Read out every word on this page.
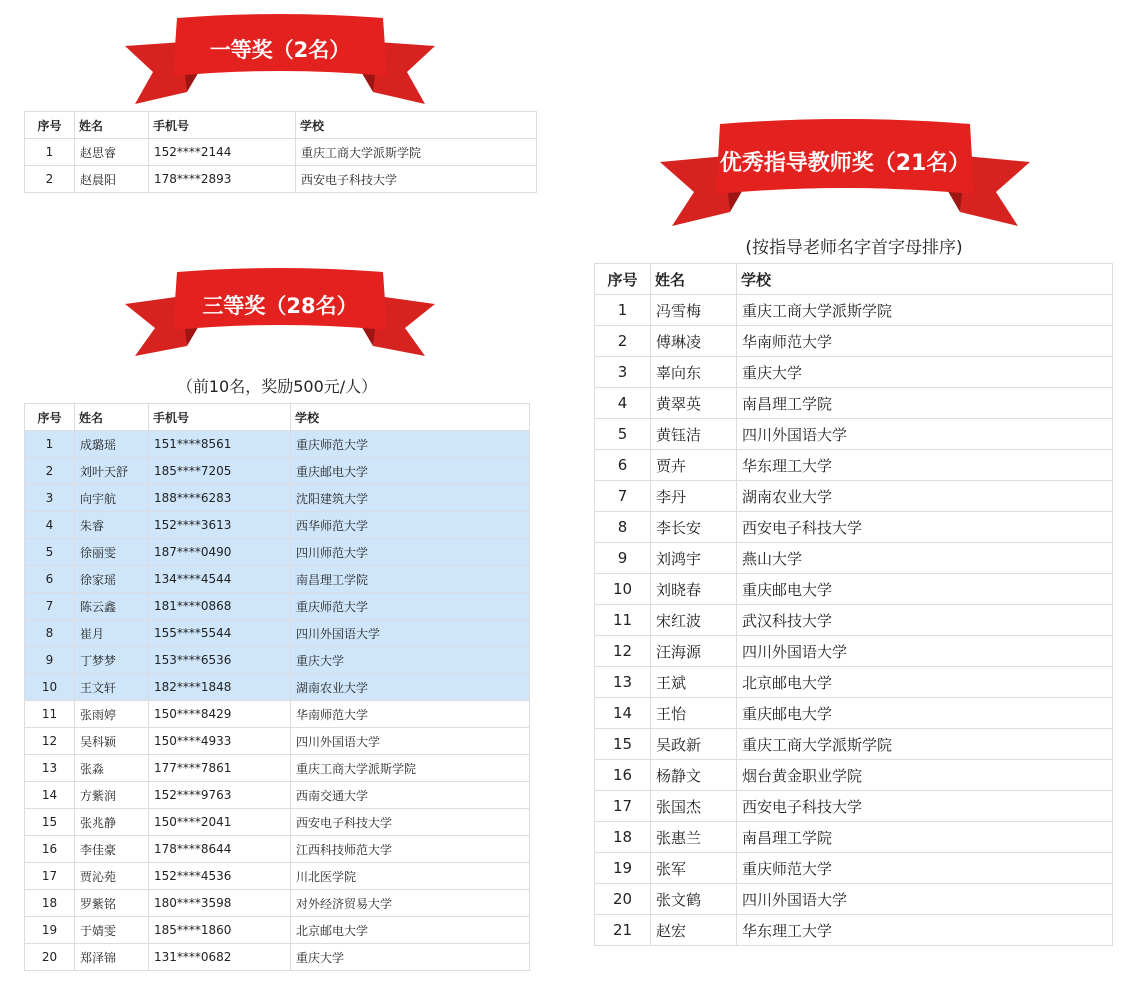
一等奖（2名）
序号	姓名	手机号	学校
1	赵思睿	152****2144	重庆工商大学派斯学院
2	赵晨阳	178****2893	西安电子科技大学
三等奖（28名）
（前10名，奖励500元/人）
序号	姓名	手机号	学校
1	成璐瑶	151****8561	重庆师范大学
2	刘叶天舒	185****7205	重庆邮电大学
3	向宇航	188****6283	沈阳建筑大学
4	朱睿	152****3613	西华师范大学
5	徐丽雯	187****0490	四川师范大学
6	徐家瑶	134****4544	南昌理工学院
7	陈云鑫	181****0868	重庆师范大学
8	崔月	155****5544	四川外国语大学
9	丁梦梦	153****6536	重庆大学
10	王文轩	182****1848	湖南农业大学
11	张雨婷	150****8429	华南师范大学
12	吴科颖	150****4933	四川外国语大学
13	张淼	177****7861	重庆工商大学派斯学院
14	方紫润	152****9763	西南交通大学
15	张兆静	150****2041	西安电子科技大学
16	李佳豪	178****8644	江西科技师范大学
17	贾沁苑	152****4536	川北医学院
18	罗紫铭	180****3598	对外经济贸易大学
19	于婧雯	185****1860	北京邮电大学
20	郑泽锦	131****0682	重庆大学
优秀指导教师奖（21名）
(按指导老师名字首字母排序)
序号	姓名	学校
1	冯雪梅	重庆工商大学派斯学院
2	傅琳凌	华南师范大学
3	辜向东	重庆大学
4	黄翠英	南昌理工学院
5	黄钰洁	四川外国语大学
6	贾卉	华东理工大学
7	李丹	湖南农业大学
8	李长安	西安电子科技大学
9	刘鸿宇	燕山大学
10	刘晓春	重庆邮电大学
11	宋红波	武汉科技大学
12	汪海源	四川外国语大学
13	王斌	北京邮电大学
14	王怡	重庆邮电大学
15	吴政新	重庆工商大学派斯学院
16	杨静文	烟台黄金职业学院
17	张国杰	西安电子科技大学
18	张惠兰	南昌理工学院
19	张军	重庆师范大学
20	张文鹤	四川外国语大学
21	赵宏	华东理工大学
